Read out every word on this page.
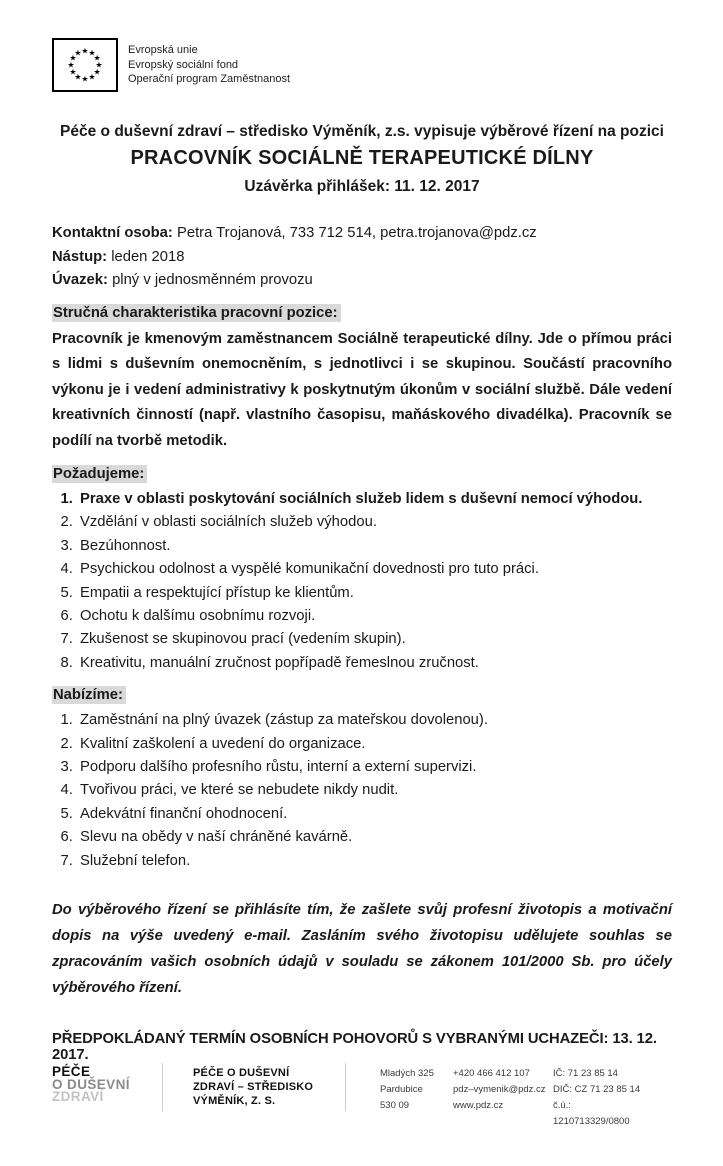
★
★
★
★
★
★
★
★
★ ★ ★
★
Evropská unie
Evropský sociální fond
Operační program Zaměstnanost
Péče o duševní zdraví – středisko Výměník, z.s. vypisuje výběrové řízení na pozici
PRACOVNÍK SOCIÁLNĚ TERAPEUTICKÉ DÍLNY
Uzávěrka přihlášek: 11. 12. 2017
Kontaktní osoba: Petra Trojanová, 733 712 514, petra.trojanova@pdz.cz
Nástup: leden 2018
Úvazek: plný v jednosměnném provozu
Stručná charakteristika pracovní pozice:
Pracovník je kmenovým zaměstnancem Sociálně terapeutické dílny. Jde o přímou práci s lidmi s duševním onemocněním, s jednotlivci i se skupinou. Součástí pracovního výkonu je i vedení administrativy k poskytnutým úkonům v sociální službě. Dále vedení kreativních činností (např. vlastního časopisu, maňáskového divadélka). Pracovník se podílí na tvorbě metodik.
Požadujeme:
1. Praxe v oblasti poskytování sociálních služeb lidem s duševní nemocí výhodou.
2. Vzdělání v oblasti sociálních služeb výhodou.
3. Bezúhonnost.
4. Psychickou odolnost a vyspělé komunikační dovednosti pro tuto práci.
5. Empatii a respektující přístup ke klientům.
6. Ochotu k dalšímu osobnímu rozvoji.
7. Zkušenost se skupinovou prací (vedením skupin).
8. Kreativitu, manuální zručnost popřípadě řemeslnou zručnost.
Nabízíme:
1. Zaměstnání na plný úvazek (zástup za mateřskou dovolenou).
2. Kvalitní zaškolení a uvedení do organizace.
3. Podporu dalšího profesního růstu, interní a externí supervizi.
4. Tvořivou práci, ve které se nebudete nikdy nudit.
5. Adekvátní finanční ohodnocení.
6. Slevu na obědy v naší chráněné kavárně.
7. Služební telefon.
Do výběrového řízení se přihlásíte tím, že zašlete svůj profesní životopis a motivační dopis na výše uvedený e-mail. Zasláním svého životopisu udělujete souhlas se zpracováním vašich osobních údajů v souladu se zákonem 101/2000 Sb. pro účely výběrového řízení.
PŘEDPOKLÁDANÝ TERMÍN OSOBNÍCH POHOVORŮ S VYBRANÝMI UCHAZEČI: 13. 12. 2017.
PÉČE
O DUŠEVNÍ
ZDRAVÍ
PÉČE O DUŠEVNÍ
ZDRAVÍ – STŘEDISKO
VÝMĚNÍK, Z. S.
Mladých 325
Pardubice
530 09
+420 466 412 107
pdz–vymenik@pdz.cz
www.pdz.cz
IČ: 71 23 85 14
DIČ: CZ 71 23 85 14
č.ú.: 1210713329/0800
